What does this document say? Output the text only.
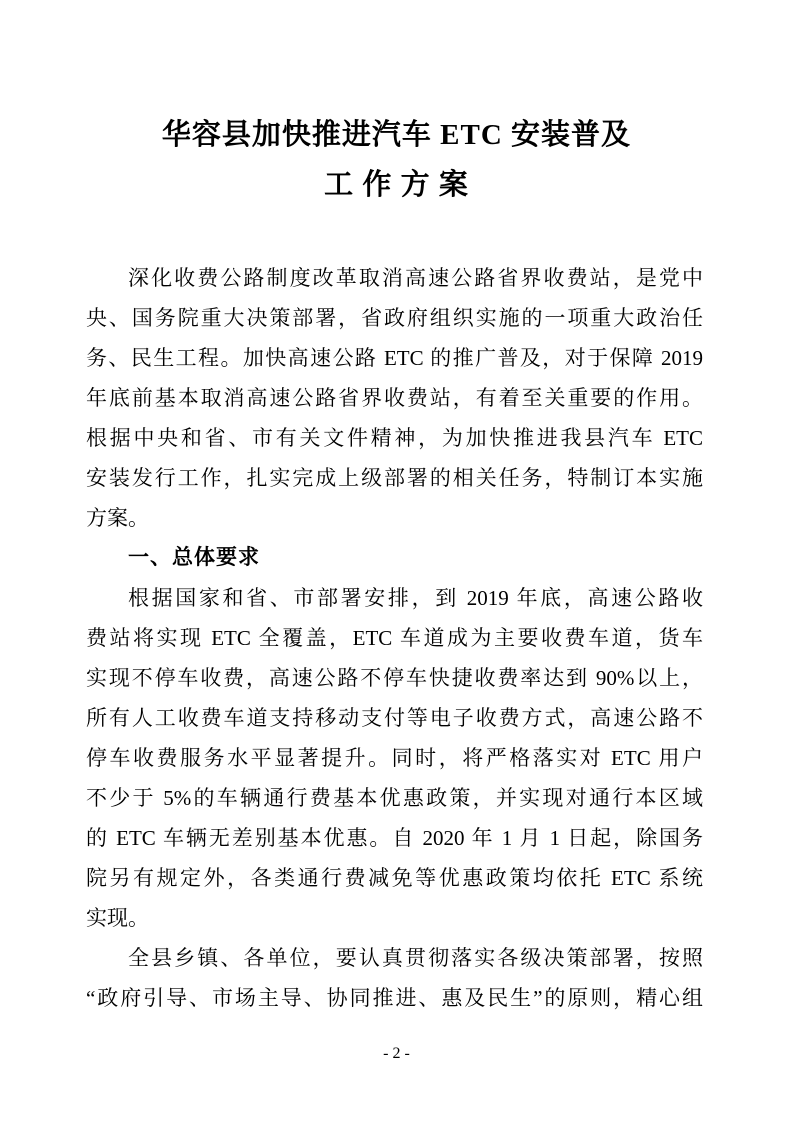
华容县加快推进汽车 ETC 安装普及
工 作 方 案
深化收费公路制度改革取消高速公路省界收费站，是党中
央、国务院重大决策部署，省政府组织实施的一项重大政治任
务、民生工程。加快高速公路 ETC 的推广普及，对于保障 2019
年底前基本取消高速公路省界收费站，有着至关重要的作用。
根据中央和省、市有关文件精神，为加快推进我县汽车 ETC
安装发行工作，扎实完成上级部署的相关任务，特制订本实施
方案。
一、总体要求
根据国家和省、市部署安排，到 2019 年底，高速公路收
费站将实现 ETC 全覆盖，ETC 车道成为主要收费车道，货车
实现不停车收费，高速公路不停车快捷收费率达到 90%以上，
所有人工收费车道支持移动支付等电子收费方式，高速公路不
停车收费服务水平显著提升。同时，将严格落实对 ETC 用户
不少于 5%的车辆通行费基本优惠政策，并实现对通行本区域
的 ETC 车辆无差别基本优惠。自 2020 年 1 月 1 日起，除国务
院另有规定外，各类通行费减免等优惠政策均依托 ETC 系统
实现。
全县乡镇、各单位，要认真贯彻落实各级决策部署，按照
“政府引导、市场主导、协同推进、惠及民生”的原则，精心组
- 2 -
